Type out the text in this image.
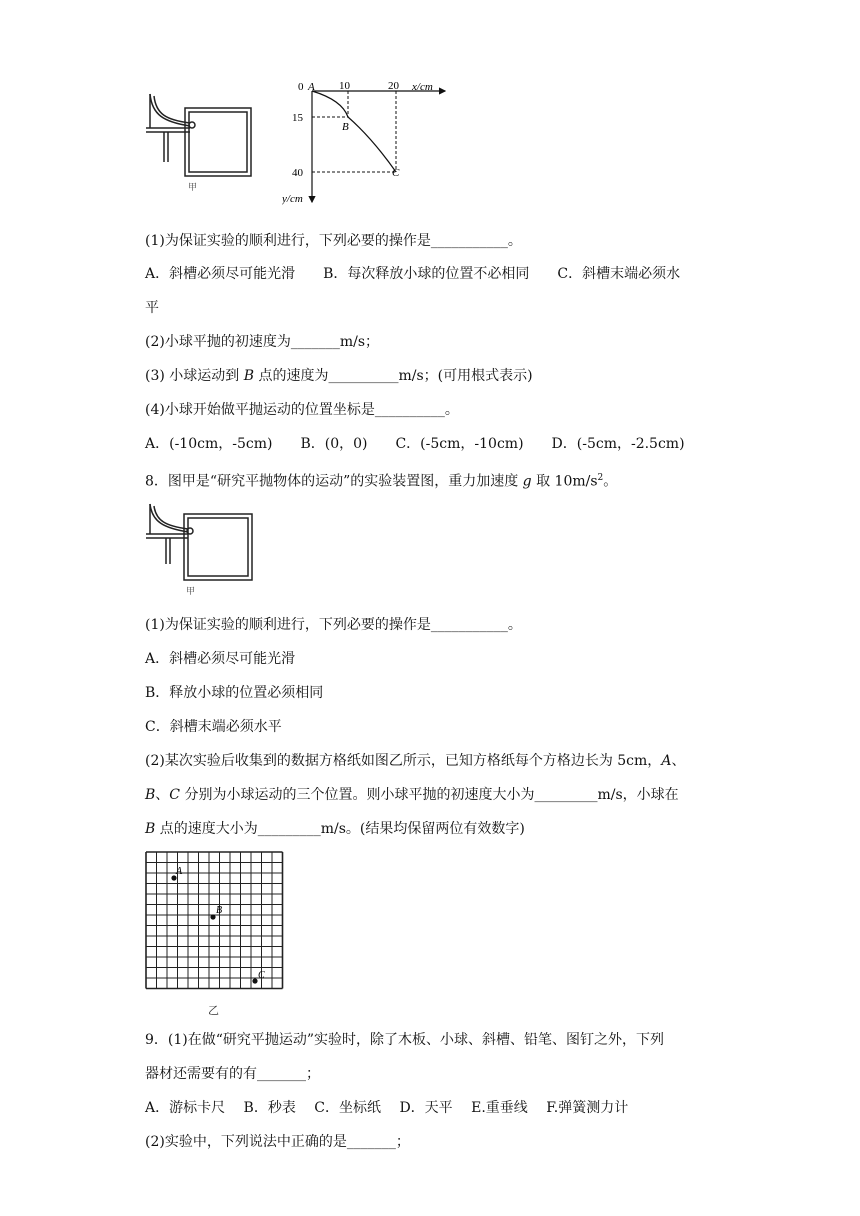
甲
0 A 10	20 x/cm
15
40
B
C
y/cm
(1)为保证实验的顺利进行，下列必要的操作是___________。
A．斜槽必须尽可能光滑　　B．每次释放小球的位置不必相同　　C．斜槽末端必须水
平
(2)小球平抛的初速度为_______m/s；
(3) 小球运动到 B 点的速度为__________m/s；(可用根式表示)
(4)小球开始做平抛运动的位置坐标是__________。
A．(-10cm，-5cm)　　B．(0，0)　　C．(-5cm，-10cm)　　D．(-5cm，-2.5cm)
8．图甲是“研究平抛物体的运动”的实验装置图，重力加速度 g 取 $10m/s^2$。
甲
(1)为保证实验的顺利进行，下列必要的操作是___________。
A．斜槽必须尽可能光滑
B．释放小球的位置必须相同
C．斜槽末端必须水平
(2)某次实验后收集到的数据方格纸如图乙所示，已知方格纸每个方格边长为 5cm，A、
B、C 分别为小球运动的三个位置。则小球平抛的初速度大小为_________m/s，小球在
B 点的速度大小为_________m/s。(结果均保留两位有效数字)
A
B
C
乙
9．(1)在做“研究平抛运动”实验时，除了木板、小球、斜槽、铅笔、图钉之外，下列
器材还需要有的有_______；
A．游标卡尺　 B．秒表　 C．坐标纸　 D．天平　 E.重垂线　 F.弹簧测力计
(2)实验中，下列说法中正确的是_______；
